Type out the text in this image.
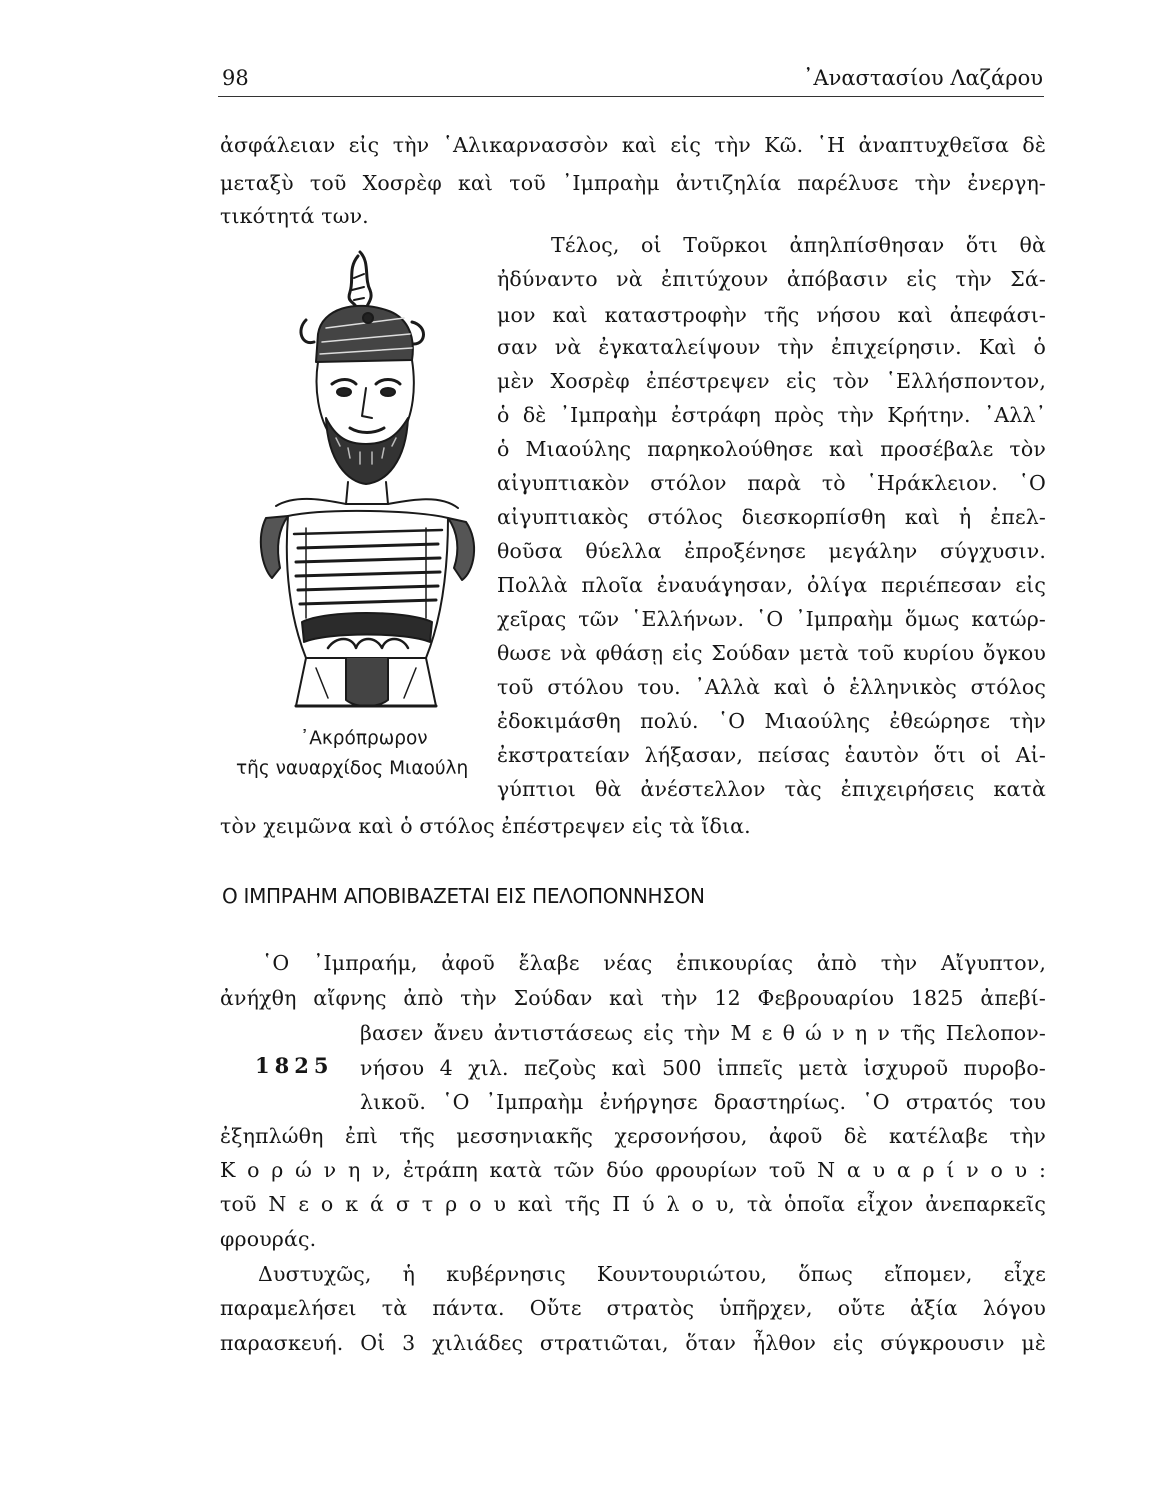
98	᾿Αναστασίου Λαζάρου
ἀσφάλειαν εἰς τὴν ῾Αλικαρνασσὸν καὶ εἰς τὴν Κῶ. ῾Η ἀναπτυχθεῖσα δὲ
μεταξὺ τοῦ Χοσρὲφ καὶ τοῦ ᾿Ιμπραὴμ ἀντιζηλία παρέλυσε τὴν ἐνεργη-
τικότητά των.
Τέλος, οἱ Τοῦρκοι ἀπηλπίσθησαν ὅτι θὰ
ἠδύναντο νὰ ἐπιτύχουν ἀπόβασιν εἰς τὴν Σά-
μον καὶ καταστροφὴν τῆς νήσου καὶ ἀπεφάσι-
σαν νὰ ἐγκαταλείψουν τὴν ἐπιχείρησιν. Καὶ ὁ
μὲν Χοσρὲφ ἐπέστρεψεν εἰς τὸν ῾Ελλήσποντον,
ὁ δὲ ᾿Ιμπραὴμ ἐστράφη πρὸς τὴν Κρήτην. ᾿Αλλ᾿
ὁ Μιαούλης παρηκολούθησε καὶ προσέβαλε τὸν
αἰγυπτιακὸν στόλον παρὰ τὸ ῾Ηράκλειον. ῾Ο
αἰγυπτιακὸς στόλος διεσκορπίσθη καὶ ἡ ἐπελ-
θοῦσα θύελλα ἐπροξένησε μεγάλην σύγχυσιν.
Πολλὰ πλοῖα ἐναυάγησαν, ὀλίγα περιέπεσαν εἰς
χεῖρας τῶν ῾Ελλήνων. ῾Ο ᾿Ιμπραὴμ ὅμως κατώρ-
θωσε νὰ φθάσῃ εἰς Σούδαν μετὰ τοῦ κυρίου ὄγκου
τοῦ στόλου του. ᾿Αλλὰ καὶ ὁ ἑλληνικὸς στόλος
ἐδοκιμάσθη πολύ. ῾Ο Μιαούλης ἐθεώρησε τὴν
ἐκστρατείαν λήξασαν, πείσας ἑαυτὸν ὅτι οἱ Αἰ-
γύπτιοι θὰ ἀνέστελλον τὰς ἐπιχειρήσεις κατὰ
τὸν χειμῶνα καὶ ὁ στόλος ἐπέστρεψεν εἰς τὰ ἴδια.
᾿Ακρόπρωρον
τῆς ναυαρχίδος Μιαούλη
Ο ΙΜΠΡΑΗΜ ΑΠΟΒΙΒΑΖΕΤΑΙ ΕΙΣ ΠΕΛΟΠΟΝΝΗΣΟΝ
῾Ο ᾿Ιμπραήμ, ἀφοῦ ἔλαβε νέας ἐπικουρίας ἀπὸ τὴν Αἴγυπτον,
ἀνήχθη αἴφνης ἀπὸ τὴν Σούδαν καὶ τὴν 12 Φεβρουαρίου 1825 ἀπεβί-
βασεν ἄνευ ἀντιστάσεως εἰς τὴν Μ ε θ ώ ν η ν τῆς Πελοπον-
1825 νήσου 4 χιλ. πεζοὺς καὶ 500 ἱππεῖς μετὰ ἰσχυροῦ πυροβο-
λικοῦ. ῾Ο ᾿Ιμπραὴμ ἐνήργησε δραστηρίως. ῾Ο στρατός του
ἐξηπλώθη ἐπὶ τῆς μεσσηνιακῆς χερσονήσου, ἀφοῦ δὲ κατέλαβε τὴν
Κ ο ρ ώ ν η ν, ἐτράπη κατὰ τῶν δύο φρουρίων τοῦ Ν α υ α ρ ί ν ο υ :
τοῦ Ν ε ο κ ά σ τ ρ ο υ καὶ τῆς Π ύ λ ο υ, τὰ ὁποῖα εἶχον ἀνεπαρκεῖς
φρουράς.
Δυστυχῶς, ἡ κυβέρνησις Κουντουριώτου, ὅπως εἴπομεν, εἶχε
παραμελήσει τὰ πάντα. Οὔτε στρατὸς ὑπῆρχεν, οὔτε ἀξία λόγου
παρασκευή. Οἱ 3 χιλιάδες στρατιῶται, ὅταν ἦλθον εἰς σύγκρουσιν μὲ
